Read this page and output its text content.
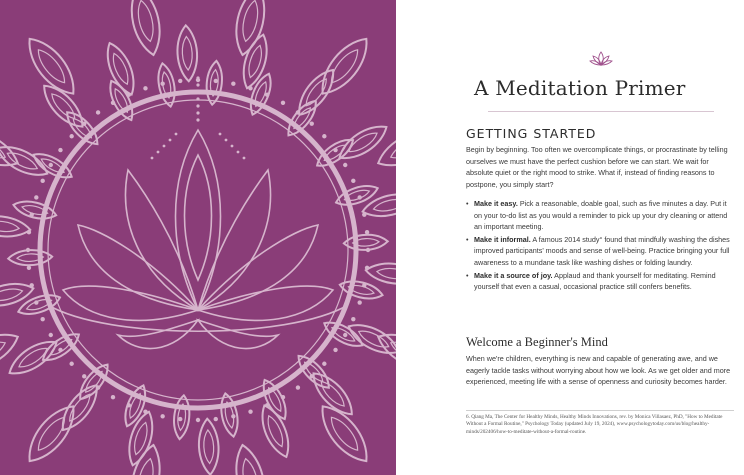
A Meditation Primer
GETTING STARTED
Begin by beginning. Too often we overcomplicate things, or procrastinate by telling ourselves we must have the perfect cushion before we can start. We wait for absolute quiet or the right mood to strike. What if, instead of finding reasons to postpone, you simply start?
• Make it easy. Pick a reasonable, doable goal, such as five minutes a day. Put it on your to-do list as you would a reminder to pick up your dry cleaning or attend an important meeting.
• Make it informal. A famous 2014 study° found that mindfully washing the dishes improved participants' moods and sense of well-being. Practice bringing your full awareness to a mundane task like washing dishes or folding laundry.
• Make it a source of joy. Applaud and thank yourself for meditating. Remind yourself that even a casual, occasional practice still confers benefits.
Welcome a Beginner's Mind
When we're children, everything is new and capable of generating awe, and we eagerly tackle tasks without worrying about how we look. As we get older and more experienced, meeting life with a sense of openness and curiosity becomes harder.
6. Qiang Ma, The Center for Healthy Minds, Healthy Minds Innovations, rev. by Monica Villasaez, PhD, "How to Meditate Without a Formal Routine," Psychology Today (updated July 19, 2024), www.psychologytoday.com/us/blog/healthy-minds/202406/how-to-meditate-without-a-formal-routine.
